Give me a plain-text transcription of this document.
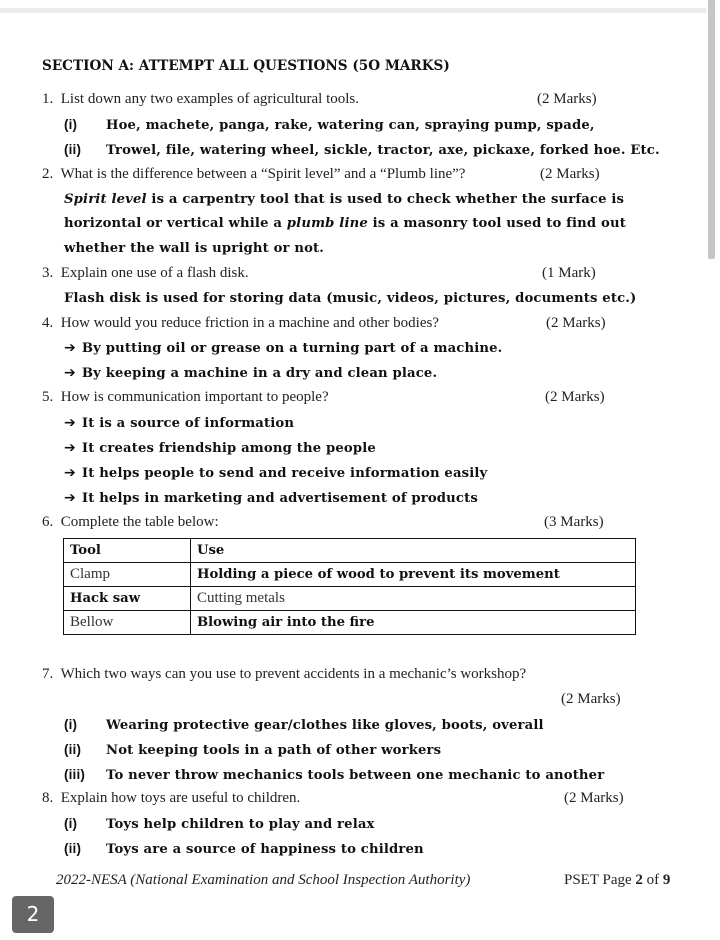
SECTION A: ATTEMPT ALL QUESTIONS (5O MARKS)
1. List down any two examples of agricultural tools.	(2 Marks)
(i) Hoe, machete, panga, rake, watering can, spraying pump, spade,
(ii) Trowel, file, watering wheel, sickle, tractor, axe, pickaxe, forked hoe. Etc.
2. What is the difference between a “Spirit level” and a “Plumb line”?	(2 Marks)
Spirit level is a carpentry tool that is used to check whether the surface is
horizontal or vertical while a plumb line is a masonry tool used to find out
whether the wall is upright or not.
3. Explain one use of a flash disk.	(1 Mark)
Flash disk is used for storing data (music, videos, pictures, documents etc.)
4. How would you reduce friction in a machine and other bodies?	(2 Marks)
➔ By putting oil or grease on a turning part of a machine.
➔ By keeping a machine in a dry and clean place.
5. How is communication important to people?	(2 Marks)
➔ It is a source of information
➔ It creates friendship among the people
➔ It helps people to send and receive information easily
➔ It helps in marketing and advertisement of products
6. Complete the table below:	(3 Marks)
Tool	Use
Clamp	Holding a piece of wood to prevent its movement
Hack saw	Cutting metals
Bellow	Blowing air into the fire
7. Which two ways can you use to prevent accidents in a mechanic’s workshop?
(2 Marks)
(i) Wearing protective gear/clothes like gloves, boots, overall
(ii) Not keeping tools in a path of other workers
(iii) To never throw mechanics tools between one mechanic to another
8. Explain how toys are useful to children.	(2 Marks)
(i) Toys help children to play and relax
(ii) Toys are a source of happiness to children
2022-NESA (National Examination and School Inspection Authority)	PSET Page 2 of 9
2
